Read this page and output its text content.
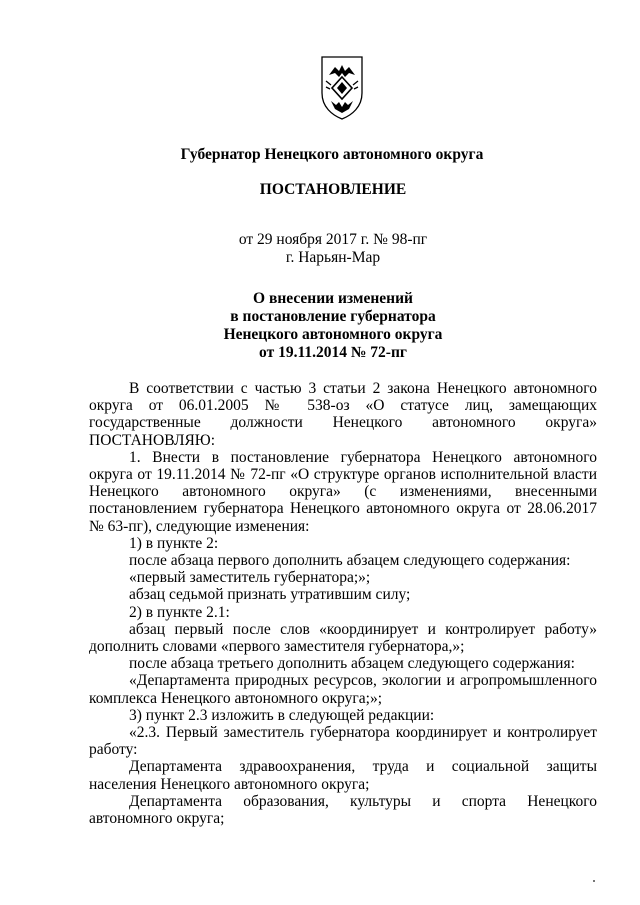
Губернатор Ненецкого автономного округа
ПОСТАНОВЛЕНИЕ
от 29 ноября 2017 г. № 98-пг
г. Нарьян-Мар
О внесении изменений
в постановление губернатора
Ненецкого автономного округа
от 19.11.2014 № 72-пг

В соответствии с частью 3 статьи 2 закона Ненецкого автономного округа от 06.01.2005 № 538-оз «О статусе лиц, замещающих государственные должности Ненецкого автономного округа» ПОСТАНОВЛЯЮ:

1. Внести в постановление губернатора Ненецкого автономного округа от 19.11.2014 № 72-пг «О структуре органов исполнительной власти Ненецкого автономного округа» (с изменениями, внесенными постановлением губернатора Ненецкого автономного округа от 28.06.2017 № 63-пг), следующие изменения:

1) в пункте 2:

после абзаца первого дополнить абзацем следующего содержания:

«первый заместитель губернатора;»;

абзац седьмой признать утратившим силу;

2) в пункте 2.1:

абзац первый после слов «координирует и контролирует работу» дополнить словами «первого заместителя губернатора,»;

после абзаца третьего дополнить абзацем следующего содержания:

«Департамента природных ресурсов, экологии и агропромышленного комплекса Ненецкого автономного округа;»;

3) пункт 2.3 изложить в следующей редакции:

«2.3. Первый заместитель губернатора координирует и контролирует работу:

Департамента здравоохранения, труда и социальной защиты населения Ненецкого автономного округа;

Департамента образования, культуры и спорта Ненецкого автономного округа;
